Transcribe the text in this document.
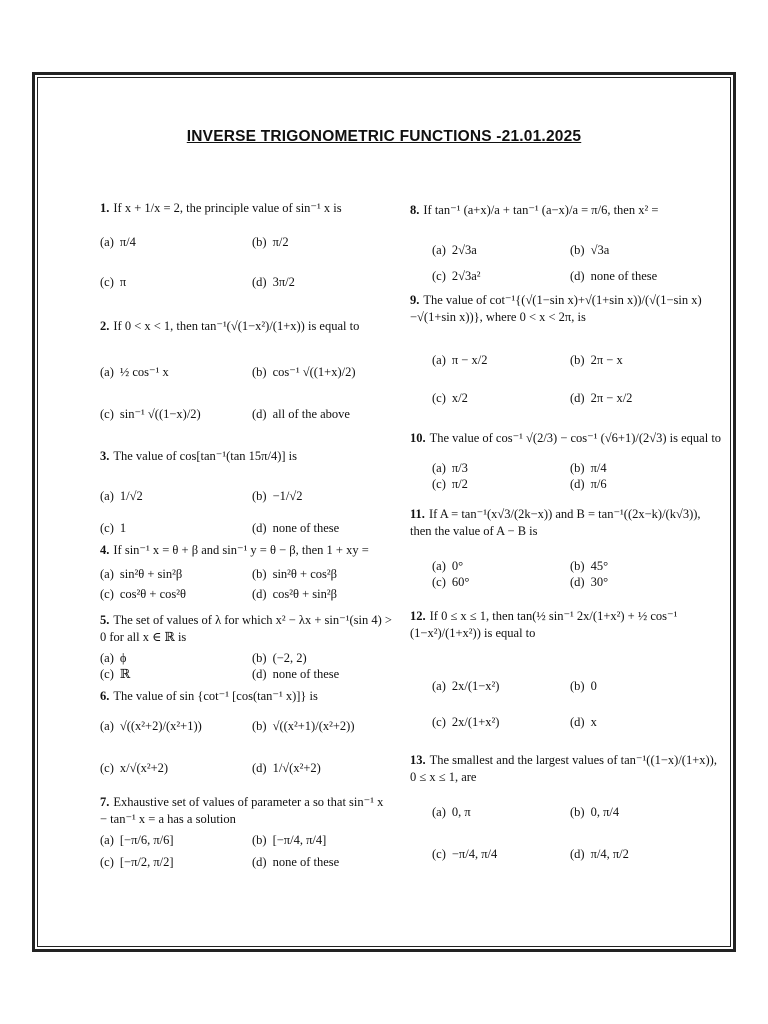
INVERSE TRIGONOMETRIC FUNCTIONS -21.01.2025
1. If x + 1/x = 2, the principle value of sin⁻¹ x is
(a) π/4	(b) π/2
(c) π	(d) 3π/2
2. If 0 < x < 1, then tan⁻¹(√(1−x²)/(1+x)) is equal to
(a) ½ cos⁻¹ x	(b) cos⁻¹ √((1+x)/2)
(c) sin⁻¹ √((1−x)/2)	(d) all of the above
3. The value of cos[tan⁻¹(tan 15π/4)] is
(a) 1/√2	(b) −1/√2
(c) 1	(d) none of these
4. If sin⁻¹ x = θ + β and sin⁻¹ y = θ − β, then 1 + xy =
(a) sin²θ + sin²β	(b) sin²θ + cos²β
(c) cos²θ + cos²θ	(d) cos²θ + sin²β
5. The set of values of λ for which x² − λx + sin⁻¹(sin 4) > 0 for all x ∈ ℝ is
(a) ϕ	(b) (−2, 2)
(c) ℝ	(d) none of these
6. The value of sin {cot⁻¹ [cos(tan⁻¹ x)]} is
(a) √((x²+2)/(x²+1))	(b) √((x²+1)/(x²+2))
(c) x/√(x²+2)	(d) 1/√(x²+2)
7. Exhaustive set of values of parameter a so that sin⁻¹ x − tan⁻¹ x = a has a solution
(a) [−π/6, π/6]	(b) [−π/4, π/4]
(c) [−π/2, π/2]	(d) none of these
8. If tan⁻¹ (a+x)/a + tan⁻¹ (a−x)/a = π/6, then x² =
(a) 2√3a	(b) √3a
(c) 2√3a²	(d) none of these
9. The value of cot⁻¹{(√(1−sin x)+√(1+sin x))/(√(1−sin x)−√(1+sin x))}, where 0 < x < 2π, is
(a) π − x/2	(b) 2π − x
(c) x/2	(d) 2π − x/2
10. The value of cos⁻¹ √(2/3) − cos⁻¹ (√6+1)/(2√3) is equal to
(a) π/3	(b) π/4
(c) π/2	(d) π/6
11. If A = tan⁻¹(x√3/(2k−x)) and B = tan⁻¹((2x−k)/(k√3)), then the value of A − B is
(a) 0°	(b) 45°
(c) 60°	(d) 30°
12. If 0 ≤ x ≤ 1, then tan(½ sin⁻¹ 2x/(1+x²) + ½ cos⁻¹ (1−x²)/(1+x²)) is equal to
(a) 2x/(1−x²)	(b) 0
(c) 2x/(1+x²)	(d) x
13. The smallest and the largest values of tan⁻¹((1−x)/(1+x)), 0 ≤ x ≤ 1, are
(a) 0, π	(b) 0, π/4
(c) −π/4, π/4	(d) π/4, π/2
